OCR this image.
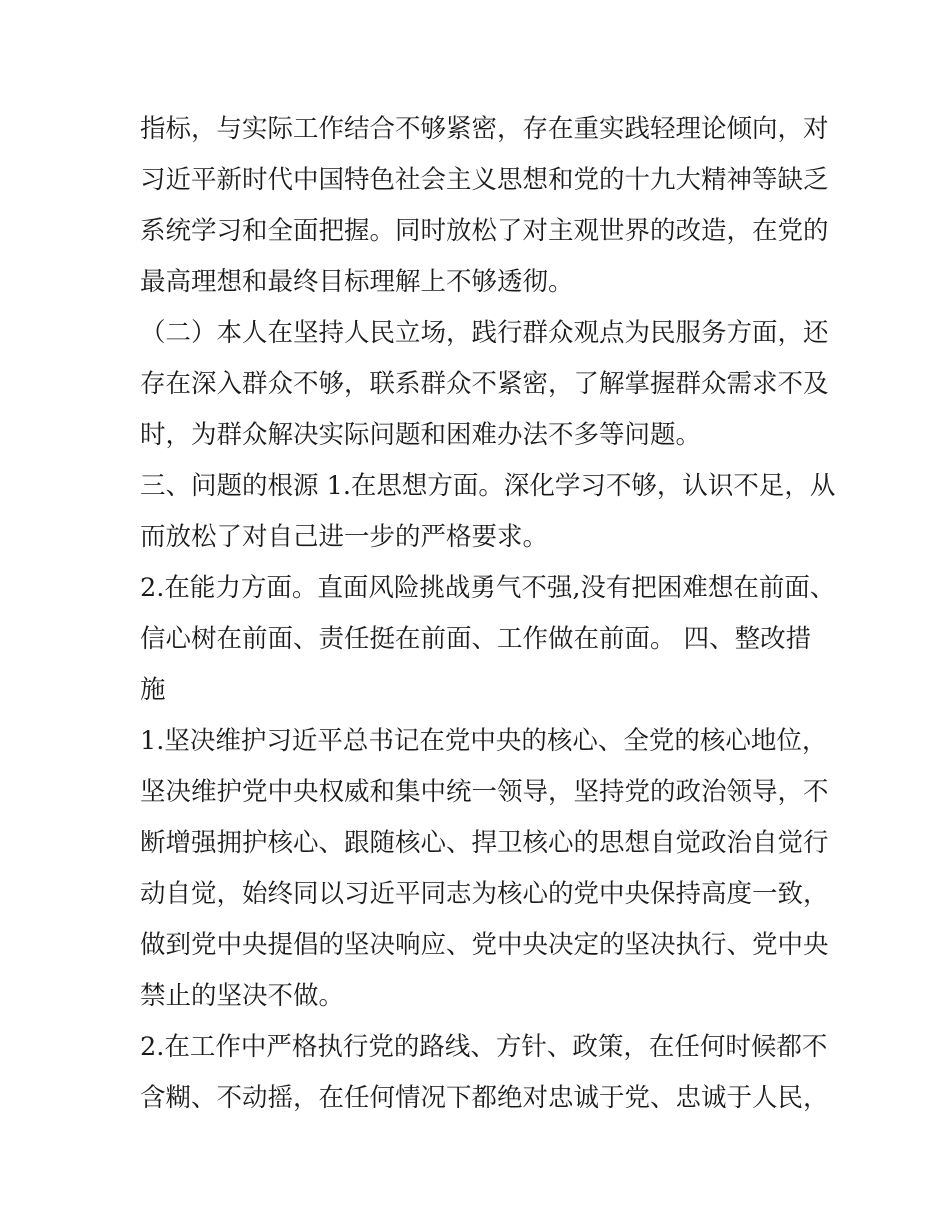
指标，与实际工作结合不够紧密，存在重实践轻理论倾向，对
习近平新时代中国特色社会主义思想和党的十九大精神等缺乏
系统学习和全面把握。同时放松了对主观世界的改造，在党的
最高理想和最终目标理解上不够透彻。
（二）本人在坚持人民立场，践行群众观点为民服务方面，还
存在深入群众不够，联系群众不紧密，了解掌握群众需求不及
时，为群众解决实际问题和困难办法不多等问题。
三、问题的根源 1.在思想方面。深化学习不够，认识不足，从
而放松了对自己进一步的严格要求。
2.在能力方面。直面风险挑战勇气不强,没有把困难想在前面、
信心树在前面、责任挺在前面、工作做在前面。 四、整改措
施
1.坚决维护习近平总书记在党中央的核心、全党的核心地位，
坚决维护党中央权威和集中统一领导，坚持党的政治领导，不
断增强拥护核心、跟随核心、捍卫核心的思想自觉政治自觉行
动自觉，始终同以习近平同志为核心的党中央保持高度一致，
做到党中央提倡的坚决响应、党中央决定的坚决执行、党中央
禁止的坚决不做。
2.在工作中严格执行党的路线、方针、政策，在任何时候都不
含糊、不动摇，在任何情况下都绝对忠诚于党、忠诚于人民，
